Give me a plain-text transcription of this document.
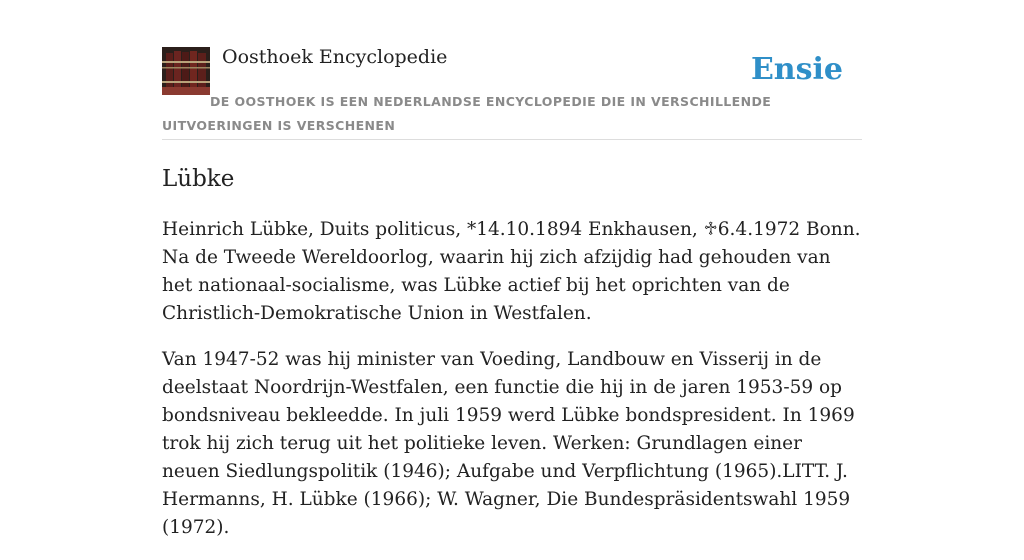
Oosthoek Encyclopedie	Ensie
DE OOSTHOEK IS EEN NEDERLANDSE ENCYCLOPEDIE DIE IN VERSCHILLENDE UITVOERINGEN IS VERSCHENEN
Lübke

Heinrich Lübke, Duits politicus, *14.10.1894 Enkhausen, ♱6.4.1972 Bonn. Na de Tweede Wereldoorlog, waarin hij zich afzijdig had gehouden van het nationaal-socialisme, was Lübke actief bij het oprichten van de Christlich-Demokratische Union in Westfalen.

Van 1947-52 was hij minister van Voeding, Landbouw en Visserij in de deelstaat Noordrijn-Westfalen, een functie die hij in de jaren 1953-59 op bondsniveau bekleedde. In juli 1959 werd Lübke bondspresident. In 1969 trok hij zich terug uit het politieke leven. Werken: Grundlagen einer neuen Siedlungspolitik (1946); Aufgabe und Verpflichtung (1965).LITT. J. Hermanns, H. Lübke (1966); W. Wagner, Die Bundespräsidentswahl 1959 (1972).
